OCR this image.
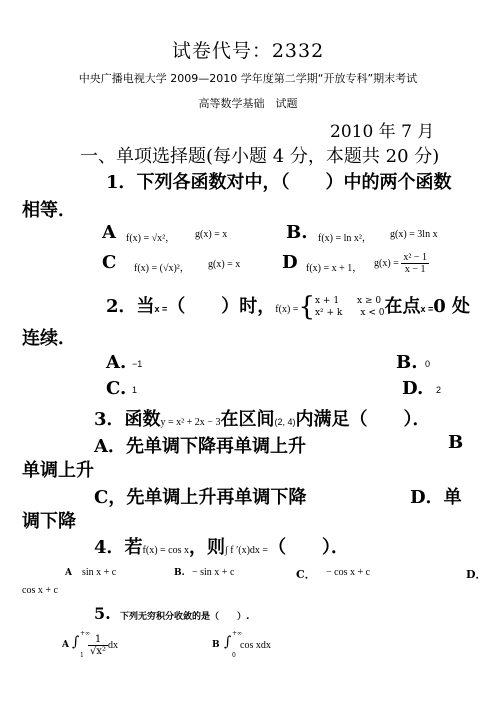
试卷代号：2332
中央广播电视大学 2009—2010 学年度第二学期“开放专科”期末考试
高等数学基础　试题
2010 年 7 月
一、单项选择题(每小题 4 分，本题共 20 分)
1．下列各函数对中，（　　）中的两个函数
相等．
A f(x) = √x²， g(x) = x	B. f(x) = ln x²， g(x) = 3ln x
C f(x) = (√x)²， g(x) = x D f(x) = x + 1， $g(x) = \frac{\text{x² − 1}}{x - 1}$
2．当x =（　　）时，f(x) ={ x + 1　　x ≥ 0
x² + k　　x < 0 在点x =0 处
连续．
A. −1	B. 0
C. 1	D. 2
3．函数y = x² + 2x − 3在区间(2, 4)内满足（　　）．
A．先单调下降再单调上升	B
单调上升
C，先单调上升再单调下降	D．单
调下降
4．若f(x) = cos x，则∫ f ′(x)dx =（　　）．
A sin x + c	B. − sin x + c	C． − cos x + c	D．
cos x + c
5. 下列无穷积分收敛的是（　　）.
A ∫
+∞
$1 \frac{1}{\text{√x²}}$ dx	B ∫
+∞
0
cos xdx
